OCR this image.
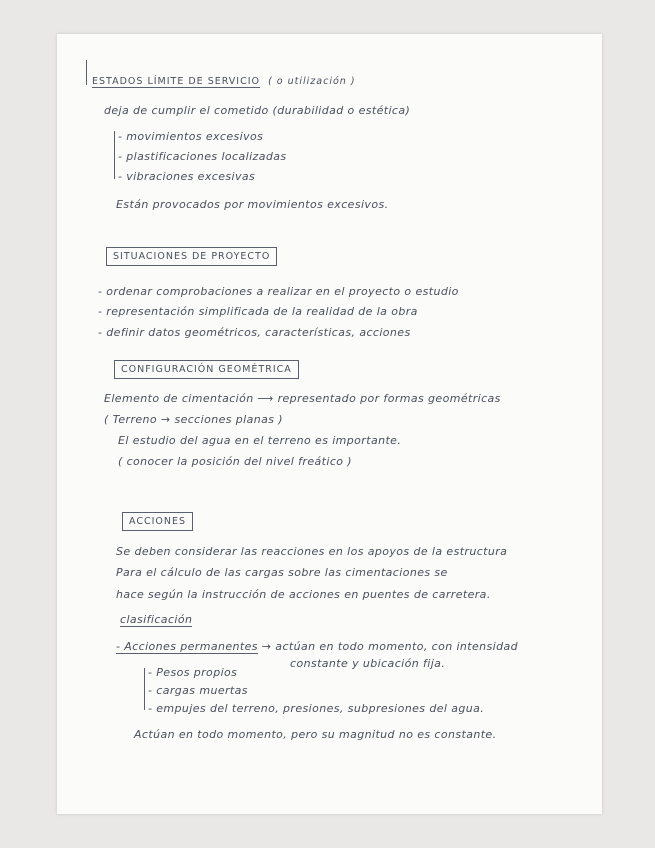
ESTADOS LÍMITE DE SERVICIO ( o utilización )
deja de cumplir el cometido (durabilidad o estética)
- movimientos excesivos
- plastificaciones localizadas
- vibraciones excesivas
Están provocados por movimientos excesivos.
SITUACIONES DE PROYECTO
- ordenar comprobaciones a realizar en el proyecto o estudio
- representación simplificada de la realidad de la obra
- definir datos geométricos, características, acciones
CONFIGURACIÓN GEOMÉTRICA
Elemento de cimentación ⟶ representado por formas geométricas
( Terreno → secciones planas )
El estudio del agua en el terreno es importante.
( conocer la posición del nivel freático )
ACCIONES
Se deben considerar las reacciones en los apoyos de la estructura
Para el cálculo de las cargas sobre las cimentaciones se
hace según la instrucción de acciones en puentes de carretera.
clasificación
- Acciones permanentes → actúan en todo momento, con intensidad
constante y ubicación fija.
- Pesos propios
- cargas muertas
- empujes del terreno, presiones, subpresiones del agua.
Actúan en todo momento, pero su magnitud no es constante.
